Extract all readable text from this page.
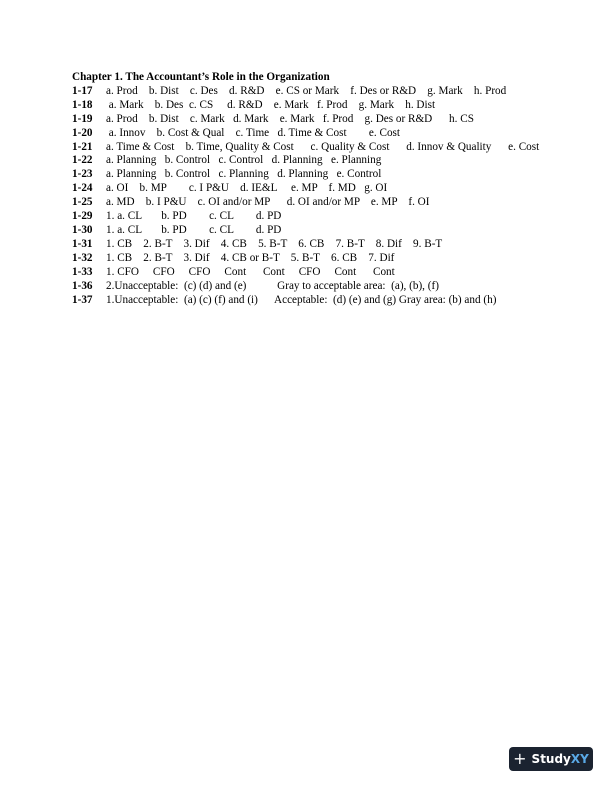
Chapter 1. The Accountant’s Role in the Organization
1-17 a. Prod    b. Dist    c. Des    d. R&D    e. CS or Mark    f. Des or R&D    g. Mark    h. Prod
1-18 a. Mark    b. Des  c. CS     d. R&D    e. Mark   f. Prod    g. Mark    h. Dist
1-19 a. Prod    b. Dist    c. Mark   d. Mark    e. Mark   f. Prod    g. Des or R&D      h. CS
1-20 a. Innov    b. Cost & Qual    c. Time   d. Time & Cost        e. Cost
1-21 a. Time & Cost    b. Time, Quality & Cost      c. Quality & Cost      d. Innov & Quality      e. Cost
1-22 a. Planning   b. Control   c. Control   d. Planning   e. Planning
1-23 a. Planning   b. Control   c. Planning   d. Planning   e. Control
1-24 a. OI    b. MP        c. I P&U    d. IE&L     e. MP    f. MD   g. OI
1-25 a. MD    b. I P&U    c. OI and/or MP      d. OI and/or MP    e. MP    f. OI
1-29 1. a. CL       b. PD        c. CL        d. PD
1-30 1. a. CL       b. PD        c. CL        d. PD
1-31 1. CB    2. B-T    3. Dif    4. CB    5. B-T    6. CB    7. B-T    8. Dif    9. B-T
1-32 1. CB    2. B-T    3. Dif    4. CB or B-T    5. B-T    6. CB    7. Dif
1-33 1. CFO     CFO     CFO     Cont      Cont     CFO     Cont      Cont
1-36 2.Unacceptable:  (c) (d) and (e)           Gray to acceptable area:  (a), (b), (f)
1-37 1.Unacceptable:  (a) (c) (f) and (i)      Acceptable:  (d) (e) and (g) Gray area: (b) and (h)
+ StudyXY
